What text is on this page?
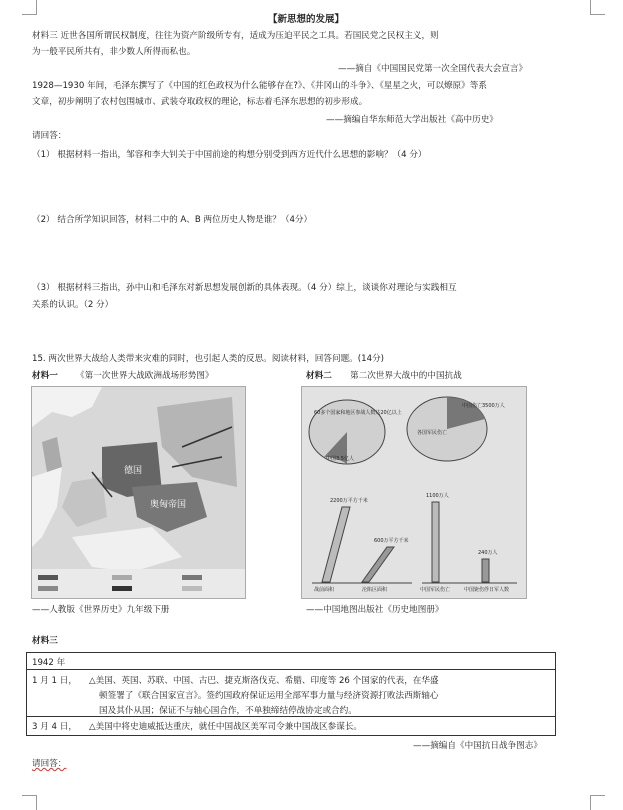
【新思想的发展】
材料三 近世各国所谓民权制度，往往为资产阶级所专有，适成为压迫平民之工具。若国民党之民权主义，则
为一般平民所共有，非少数人所得而私也。
——摘自《中国国民党第一次全国代表大会宣言》
1928—1930 年间，毛泽东撰写了《中国的红色政权为什么能够存在?》、《井冈山的斗争》、《星星之火，可以燎原》等系
文章，初步阐明了农村包围城市、武装夺取政权的理论，标志着毛泽东思想的初步形成。
——摘编自华东师范大学出版社《高中历史》
请回答：
（1） 根据材料一指出，邹容和李大钊关于中国前途的构想分别受到西方近代什么思想的影响？（4 分）
（2） 结合所学知识回答，材料二中的 A、B 两位历史人物是谁？（4分）
（3） 根据材料三指出，孙中山和毛泽东对新思想发展创新的具体表现。（4 分）综上，谈谈你对理论与实践相互
关系的认识。（2 分）
15. 两次世界大战给人类带来灾难的同时，也引起人类的反思。阅读材料，回答问题。(14分)
材料一 《第一次世界大战欧洲战场形势图》	材料二 第二次世界大战中的中国抗战
德国
奥匈帝国
60多个国家和地区参战人数达20亿以上
中国3.5亿人
各国军民伤亡
中国伤亡3500万人
2200万平方千米
600万平方千米
1100万人
240万人
战前面积	沦陷区面积	中国军民伤亡	中国毙伤俘日军人数
——人教版《世界历史》九年级下册	——中国地图出版社《历史地图册》
材料三
1942 年
1 月 1 日， △美国、英国、苏联、中国、古巴、捷克斯洛伐克、希腊、印度等 26 个国家的代表，在华盛
顿签署了《联合国家宣言》。签约国政府保证运用全部军事力量与经济资源打败法西斯轴心
国及其仆从国；保证不与轴心国合作，不单独缔结停战协定或合约。
3 月 4 日， △美国中将史迪威抵达重庆，就任中国战区美军司令兼中国战区参谋长。
——摘编自《中国抗日战争图志》
请回答：
